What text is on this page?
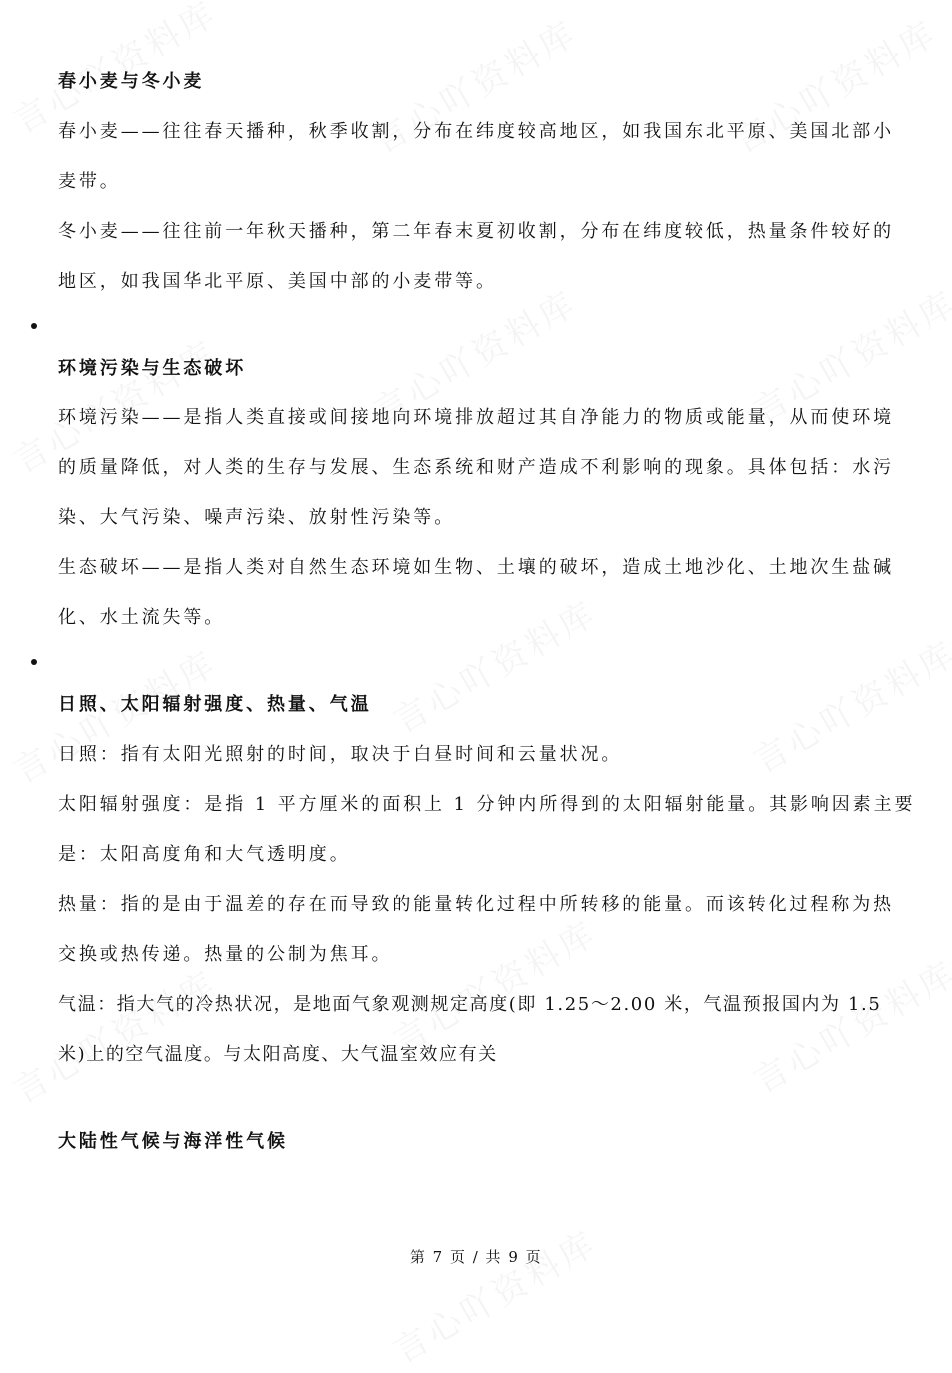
春小麦与冬小麦
春小麦——往往春天播种，秋季收割，分布在纬度较高地区，如我国东北平原、美国北部小
麦带。
冬小麦——往往前一年秋天播种，第二年春末夏初收割，分布在纬度较低，热量条件较好的
地区，如我国华北平原、美国中部的小麦带等。
环境污染与生态破坏
环境污染——是指人类直接或间接地向环境排放超过其自净能力的物质或能量，从而使环境
的质量降低，对人类的生存与发展、生态系统和财产造成不利影响的现象。具体包括：水污
染、大气污染、噪声污染、放射性污染等。
生态破坏——是指人类对自然生态环境如生物、土壤的破坏，造成土地沙化、土地次生盐碱
化、水土流失等。
日照、太阳辐射强度、热量、气温
日照：指有太阳光照射的时间，取决于白昼时间和云量状况。
太阳辐射强度：是指 1 平方厘米的面积上 1 分钟内所得到的太阳辐射能量。其影响因素主要
是：太阳高度角和大气透明度。
热量：指的是由于温差的存在而导致的能量转化过程中所转移的能量。而该转化过程称为热
交换或热传递。热量的公制为焦耳。
气温：指大气的冷热状况，是地面气象观测规定高度(即 1.25～2.00 米，气温预报国内为 1.5
米)上的空气温度。与太阳高度、大气温室效应有关
大陆性气候与海洋性气候
第 7 页 / 共 9 页
